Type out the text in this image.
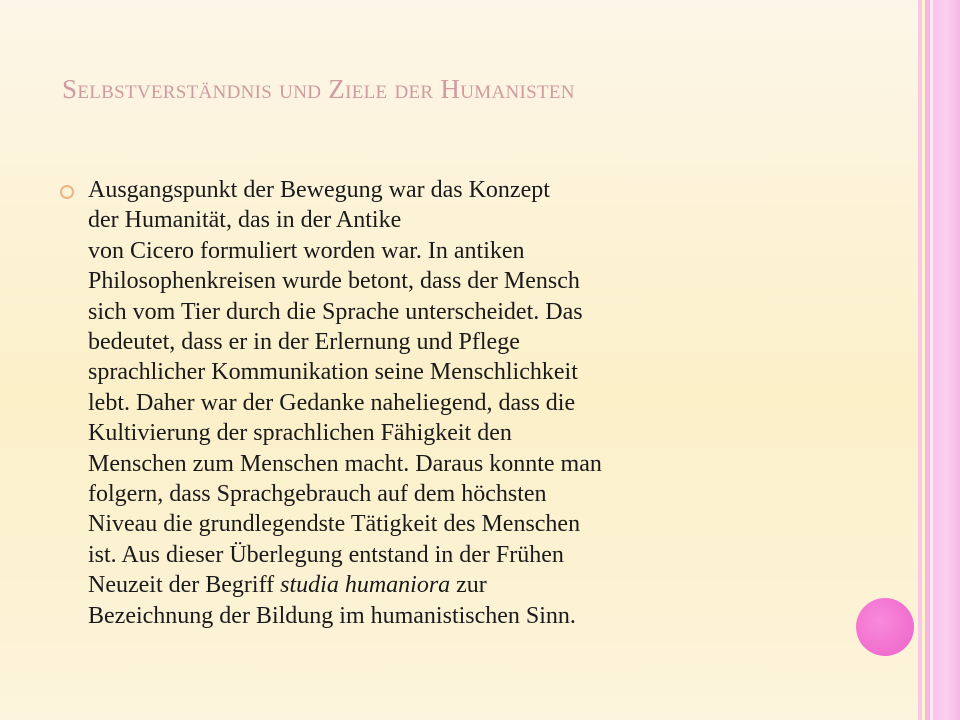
Selbstverständnis und Ziele der Humanisten
Ausgangspunkt der Bewegung war das Konzept
der Humanität, das in der Antike
von Cicero formuliert worden war. In antiken
Philosophenkreisen wurde betont, dass der Mensch
sich vom Tier durch die Sprache unterscheidet. Das
bedeutet, dass er in der Erlernung und Pflege
sprachlicher Kommunikation seine Menschlichkeit
lebt. Daher war der Gedanke naheliegend, dass die
Kultivierung der sprachlichen Fähigkeit den
Menschen zum Menschen macht. Daraus konnte man
folgern, dass Sprachgebrauch auf dem höchsten
Niveau die grundlegendste Tätigkeit des Menschen
ist. Aus dieser Überlegung entstand in der Frühen
Neuzeit der Begriff studia humaniora zur
Bezeichnung der Bildung im humanistischen Sinn.
